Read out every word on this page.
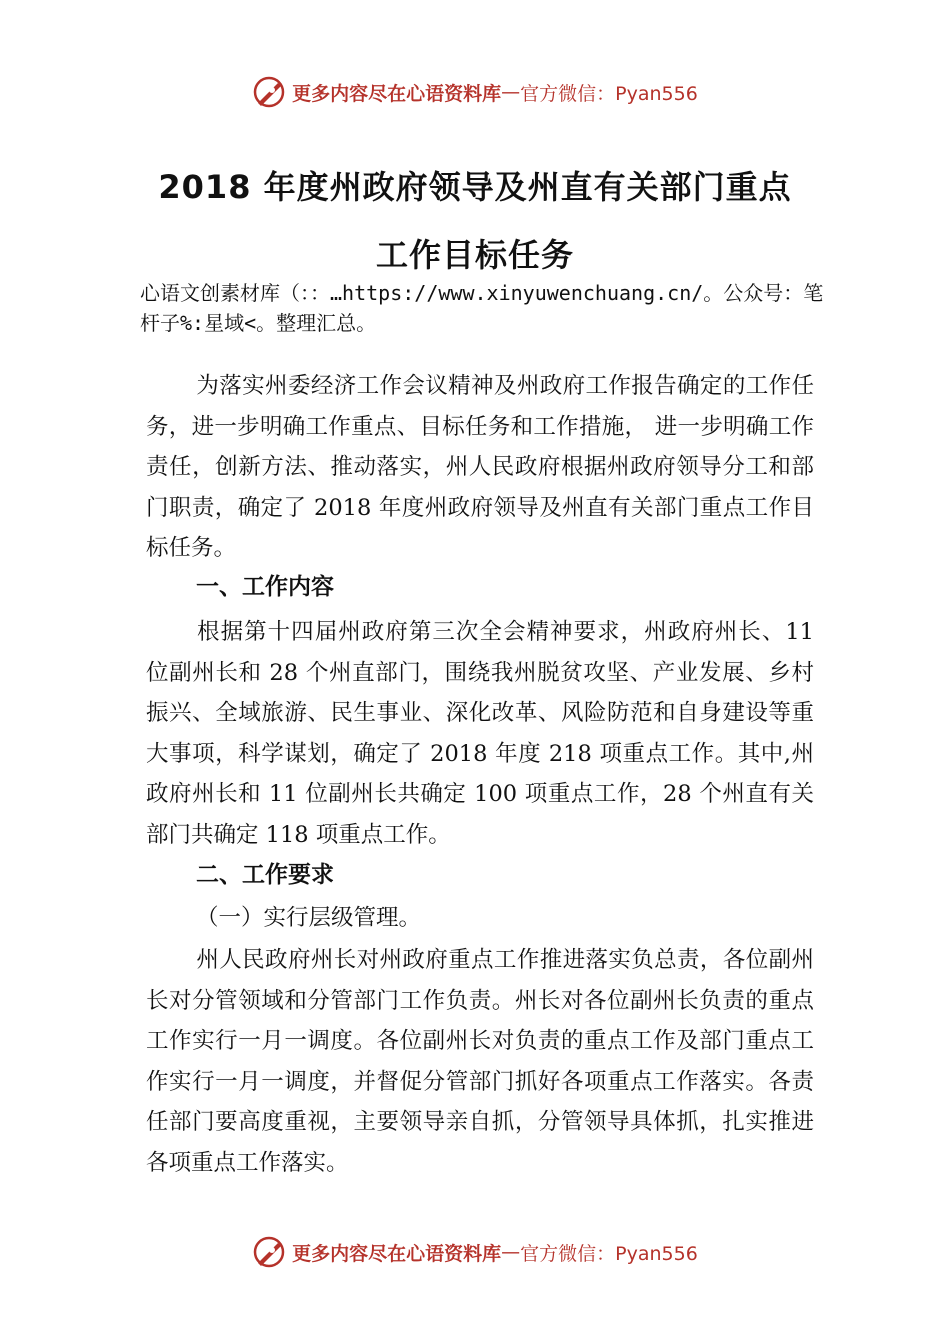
更多内容尽在心语资料库 — 官方微信：Pyan556
2018 年度州政府领导及州直有关部门重点
工作目标任务
心语文创素材库（：：…https://www.xinyuwenchuang.cn/。公众号：笔杆子%:星域<。整理汇总。
为落实州委经济工作会议精神及州政府工作报告确定的工作任务，进一步明确工作重点、目标任务和工作措施， 进一步明确工作责任，创新方法、推动落实，州人民政府根据州政府领导分工和部门职责，确定了 2018 年度州政府领导及州直有关部门重点工作目标任务。
一、工作内容
根据第十四届州政府第三次全会精神要求，州政府州长、11 位副州长和 28 个州直部门，围绕我州脱贫攻坚、产业发展、乡村振兴、全域旅游、民生事业、深化改革、风险防范和自身建设等重大事项，科学谋划，确定了 2018 年度 218 项重点工作。其中,州政府州长和 11 位副州长共确定 100 项重点工作，28 个州直有关部门共确定 118 项重点工作。
二、工作要求
（一）实行层级管理。
州人民政府州长对州政府重点工作推进落实负总责，各位副州长对分管领域和分管部门工作负责。州长对各位副州长负责的重点工作实行一月一调度。各位副州长对负责的重点工作及部门重点工作实行一月一调度，并督促分管部门抓好各项重点工作落实。各责任部门要高度重视，主要领导亲自抓，分管领导具体抓，扎实推进各项重点工作落实。
更多内容尽在心语资料库 — 官方微信：Pyan556
